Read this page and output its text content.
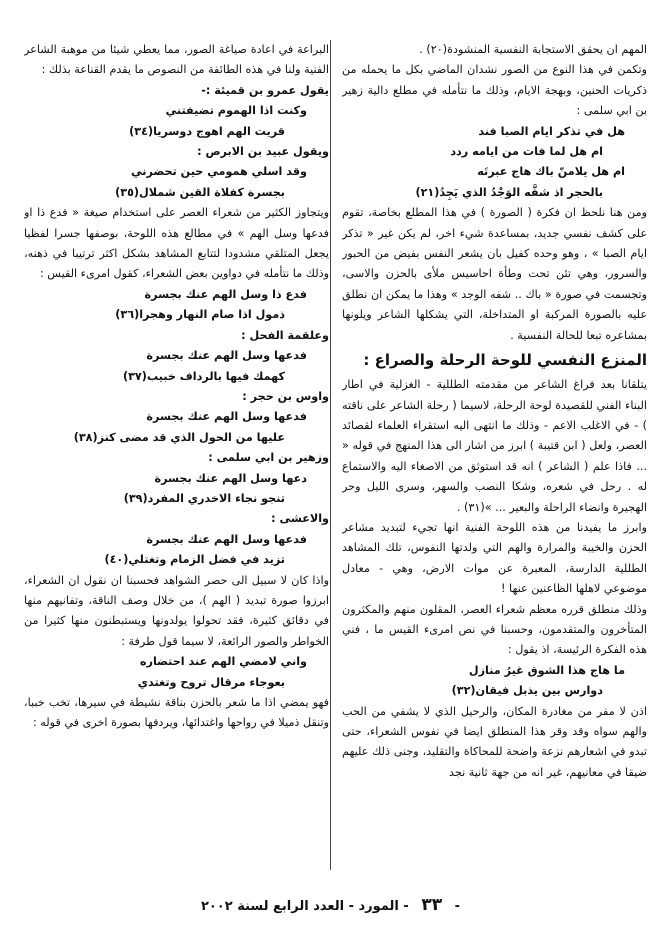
المهم ان يحقق الاستجابة النفسية المنشودة(٢٠) .

وتكمن في هذا النوع من الصور نشدان الماضي بكل ما يحمله من ذكريات الحنين، وبهجة الايام، وذلك ما نتأمله في مطلع دالية زهير بن ابي سلمى :

هل في تذكر ايام الصبا فند

ام هل لما فات من ايامه ردد

ام هل يلامنّ باك هاج عبرتَه

بالحجر اذ شفَّه الوَجْدُ الذي يَجِدُ(٢١)

ومن هنا نلحظ ان فكرة ( الصورة ) في هذا المطلع بخاصة، تقوم على كشف نفسي جديد، بمساعدة شيء اخر، لم يكن غير « تذكر ايام الصبا » ، وهو وحده كفيل بان يشعر النفس بفيض من الحبور والسرور، وهي تئن تحت وطأة احاسيس ملأى بالحزن والاسى، وتجسمت في صورة « باك .. شفه الوجد » وهذا ما يمكن ان نطلق عليه بالصورة المركبة او المتداخلة، التي يشكلها الشاعر ويلونها بمشاعره تبعا للحالة النفسية .

المنزع النفسي للوحة الرحلة والصراع :

يتلقانا بعد فراغ الشاعر من مقدمته الطللية - الغزلية في اطار البناء الفني للقصيدة لوحة الرحلة، لاسيما ( رحلة الشاعر على ناقته ) - في الاغلب الاعم - وذلك ما انتهى اليه استقراء العلماء لقصائد العصر، ولعل ( ابن قتيبة ) ابرز من اشار الى هذا المنهج في قوله « ... فاذا علم ( الشاعر ) انه قد استوثق من الاصغاء اليه والاستماع له . رحل في شعره، وشكا النصب والسهر، وسرى الليل وحر الهجيرة وانضاء الراحلة والبعير ... »(٣١) .

وابرز ما يفيدنا من هذه اللوحة الفنية انها تجيء لتبديد مشاعر الحزن والخيبة والمرارة والهم التي ولدتها النفوس، تلك المشاهد الطللية الدارسة، المعبرة عن موات الارض، وهي - معادل موضوعي لاهلها الظاعنين عنها !

وذلك منطلق قرره معظم شعراء العصر، المقلون منهم والمكثرون المتأخرون والمتقدمون، وحسبنا في نص امرىء القيس ما ، فني هذه الفكرة الرئيسة، اذ يقول :

ما هاج هذا الشوق غيرُ منازل

دوارس بين يذبل فيقان(٣٢)

اذن لا مفر من مغادرة المكان، والرحيل الذي لا يشفي من الحب والهم سواه وقد وقر هذا المنطلق ايضا في نفوس الشعراء، حتى تبدو في اشعارهم نزعة واضحة للمحاكاة والتقليد، وجنى ذلك عليهم ضيقا في معانيهم، غير انه من جهة ثانية نجد

البراعة في اعادة صياغة الصور، مما يعطي شيئا من موهبة الشاعر الفنية ولنا في هذه الطائفة من النصوص ما يقدم القناعة بذلك :

يقول عمرو بن قميئة :-

وكنت اذا الهموم تضيفتني

قريت الهم اهوج دوسريا(٣٤)

ويقول عبيد بن الابرص :

وقد اسلي همومي حين تحضرني

بجسرة كفلاة القين شملال(٣٥)

ويتجاوز الكثير من شعراء العصر على استخدام صيغة « فدع ذا او فدعها وسل الهم » في مطالع هذه اللوحة، بوصفها جسرا لفظيا يجعل المتلقي مشدودا لتتابع المشاهد بشكل اكثر ترتيبا في ذهنه، وذلك ما نتأمله في دواوين بعض الشعراء، كقول امرىء القيس :

فدع ذا وسل الهم عنك بجسرة

ذمول اذا صام النهار وهجرا(٣٦)

وعلقمة الفحل :

فدعها وسل الهم عنك بجسرة

كهمك فيها بالرداف خبيب(٣٧)

واوس بن حجر :

فدعها وسل الهم عنك بجسرة

عليها من الحول الذي قد مضى كنز(٣٨)

وزهير بن ابي سلمى :

دعها وسل الهم عنك بجسرة

تنجو نجاء الاخدري المفرد(٣٩)

والاعشى :

فدعها وسل الهم عنك بجسرة

تزيد في فضل الزمام وتغتلي(٤٠)

واذا كان لا سبيل الى حصر الشواهد فحسبنا ان نقول ان الشعراء، ابرزوا صورة تبديد ( الهم )، من خلال وصف الناقة، وتفانيهم منها في دقائق كثيرة، فقد تحولوا يولدونها ويستبطنون منها كثيرا من الخواطر والصور الرائعة، لا سيما قول طرفة :

واني لامضي الهم عند احتضاره

بعوجاء مرقال تروح وتغتدي

فهو يمضي اذا ما شعر بالحزن بناقة نشيطة في سيرها، تخب خببا، وتنقل ذميلا في رواحها واغتدائها، ويردفها بصورة اخرى في قوله :

- ٣٣ - المورد - العدد الرابع لسنة ٢٠٠٢
